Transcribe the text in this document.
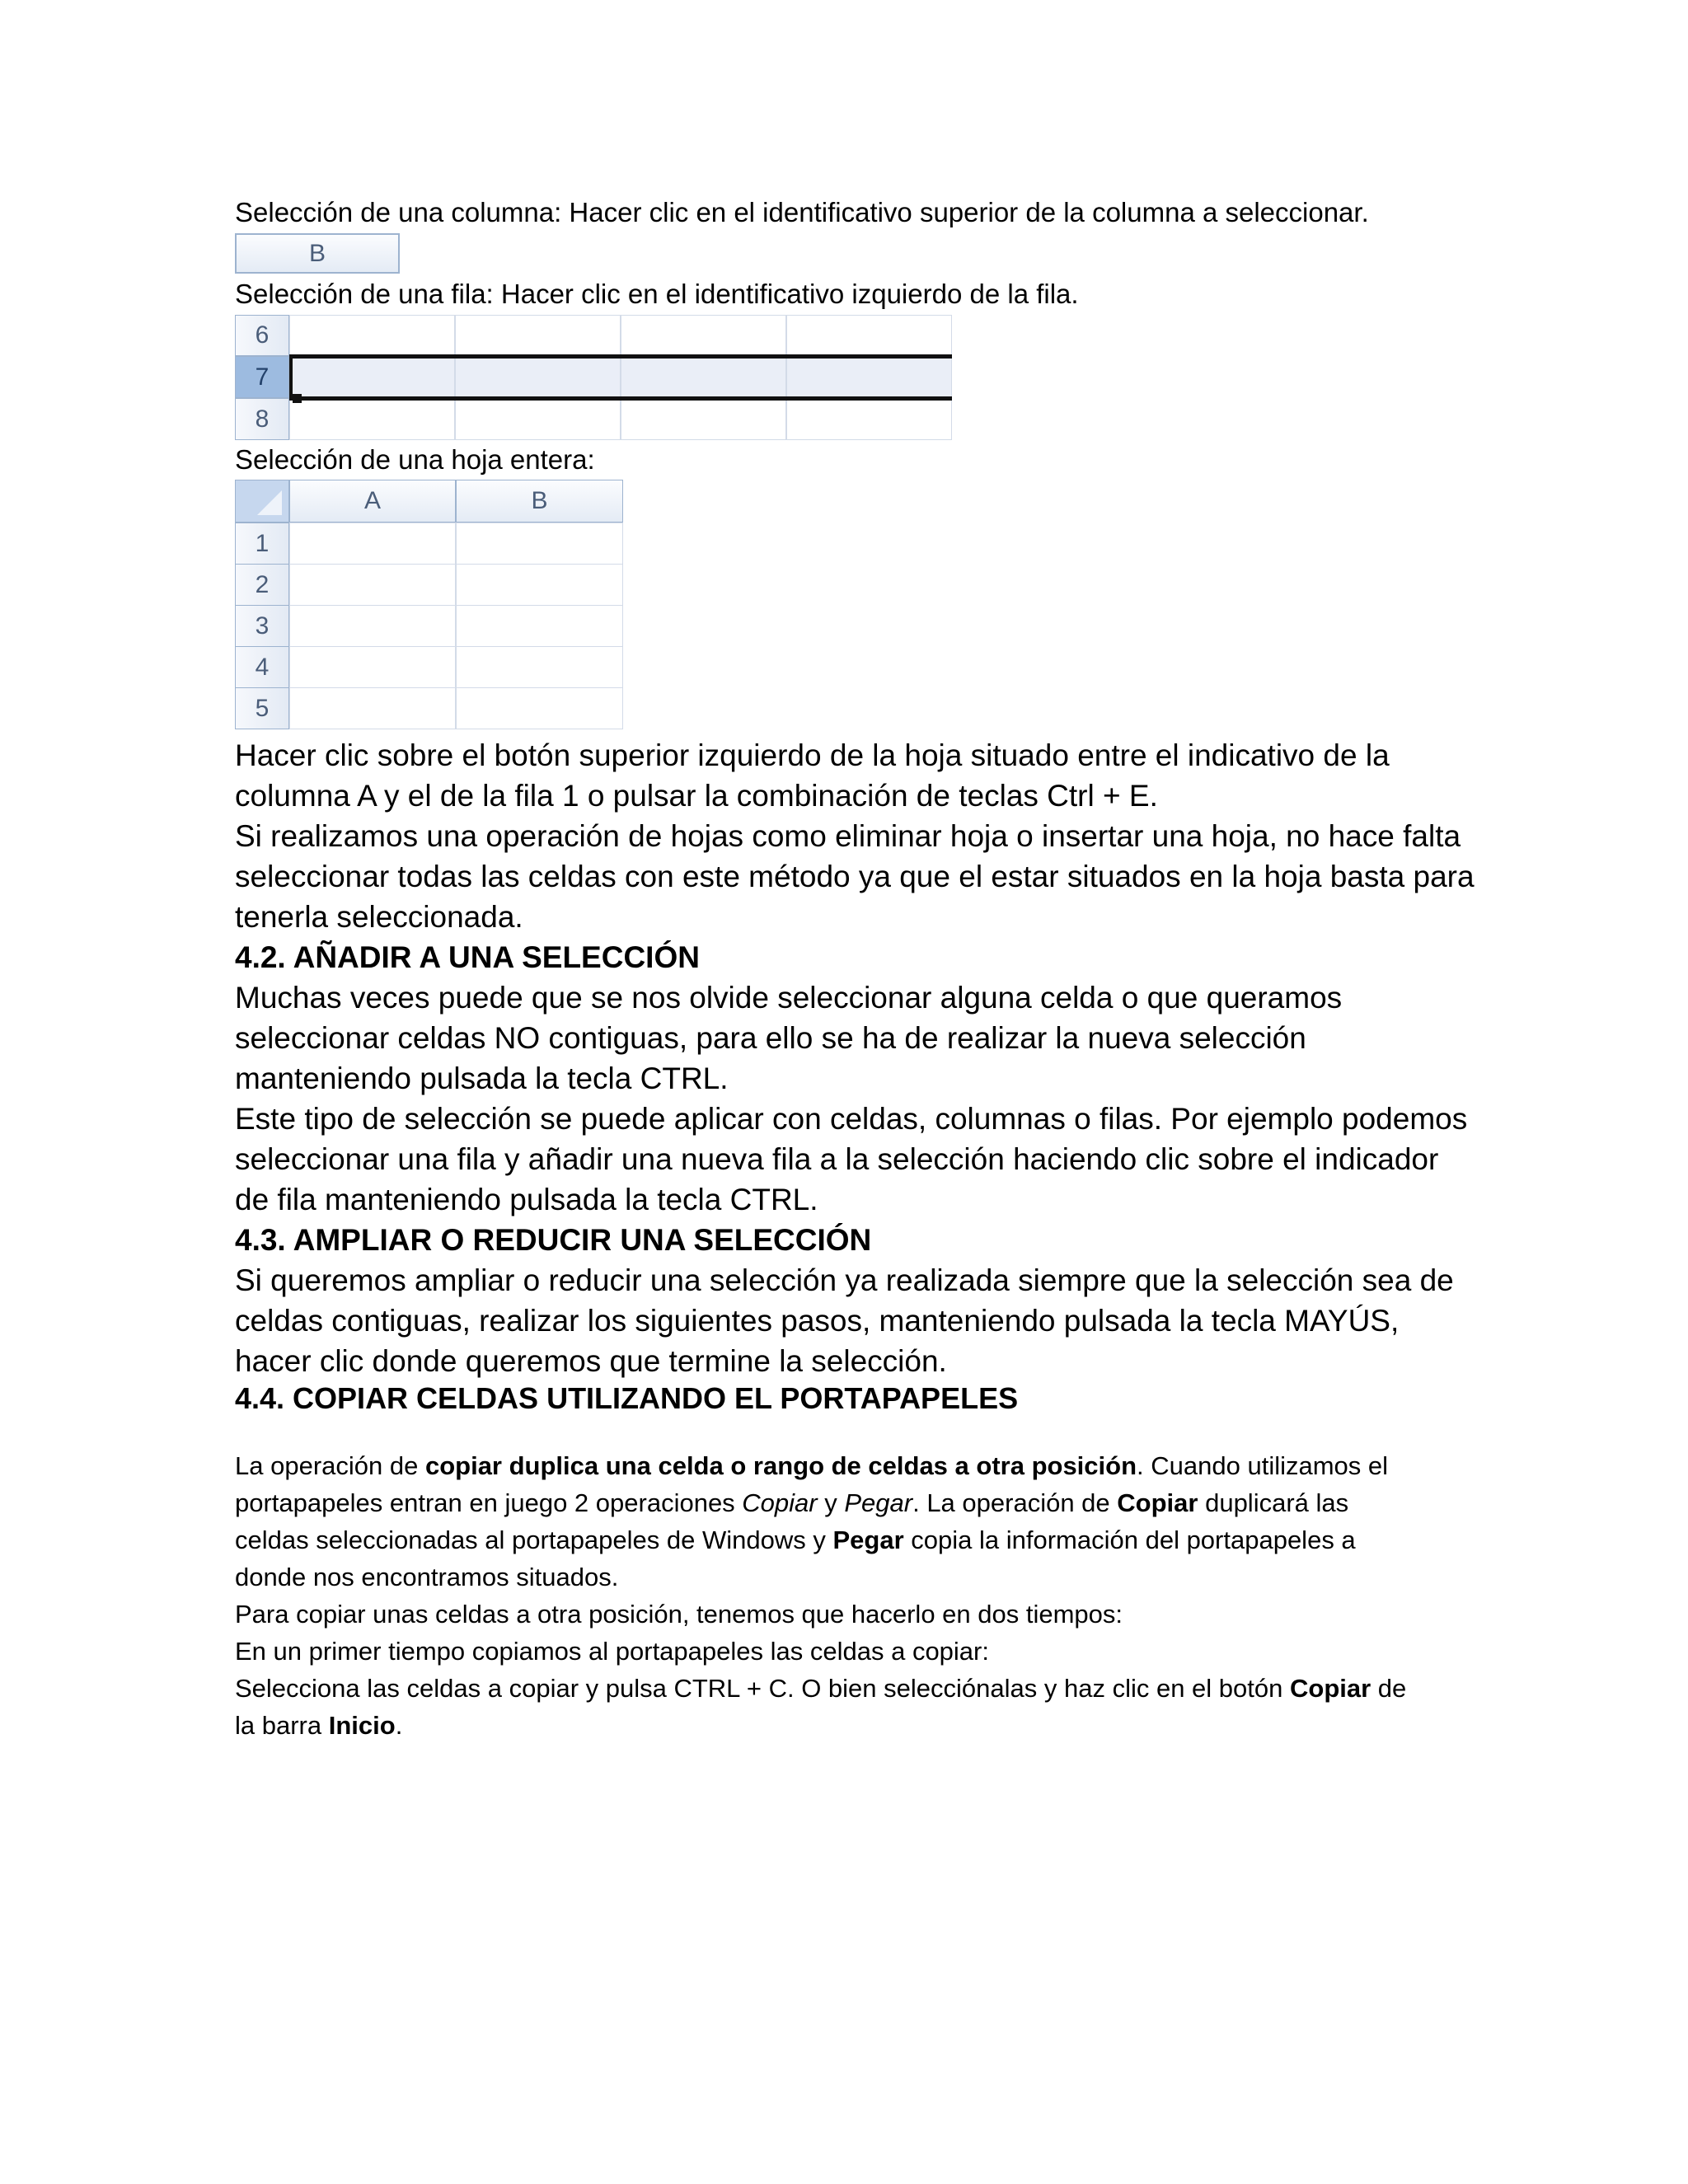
Selección de una columna: Hacer clic en el identificativo superior de la columna a seleccionar.
B
Selección de una fila: Hacer clic en el identificativo izquierdo de la fila.
6
7
8
Selección de una hoja entera:
A	B
1
2
3
4
5
Hacer clic sobre el botón superior izquierdo de la hoja situado entre el indicativo de la
columna A y el de la fila 1 o pulsar la combinación de teclas Ctrl + E.
Si realizamos una operación de hojas como eliminar hoja o insertar una hoja, no hace falta
seleccionar todas las celdas con este método ya que el estar situados en la hoja basta para
tenerla seleccionada.
4.2. AÑADIR A UNA SELECCIÓN
Muchas veces puede que se nos olvide seleccionar alguna celda o que queramos
seleccionar celdas NO contiguas, para ello se ha de realizar la nueva selección
manteniendo pulsada la tecla CTRL.
Este tipo de selección se puede aplicar con celdas, columnas o filas. Por ejemplo podemos
seleccionar una fila y añadir una nueva fila a la selección haciendo clic sobre el indicador
de fila manteniendo pulsada la tecla CTRL.
4.3. AMPLIAR O REDUCIR UNA SELECCIÓN
Si queremos ampliar o reducir una selección ya realizada siempre que la selección sea de
celdas contiguas, realizar los siguientes pasos, manteniendo pulsada la tecla MAYÚS,
hacer clic donde queremos que termine la selección.
4.4. COPIAR CELDAS UTILIZANDO EL PORTAPAPELES
La operación de copiar duplica una celda o rango de celdas a otra posición. Cuando utilizamos el
portapapeles entran en juego 2 operaciones Copiar y Pegar. La operación de Copiar duplicará las
celdas seleccionadas al portapapeles de Windows y Pegar copia la información del portapapeles a
donde nos encontramos situados.
Para copiar unas celdas a otra posición, tenemos que hacerlo en dos tiempos:
En un primer tiempo copiamos al portapapeles las celdas a copiar:
Selecciona las celdas a copiar y pulsa CTRL + C. O bien selecciónalas y haz clic en el botón Copiar de
la barra Inicio.
